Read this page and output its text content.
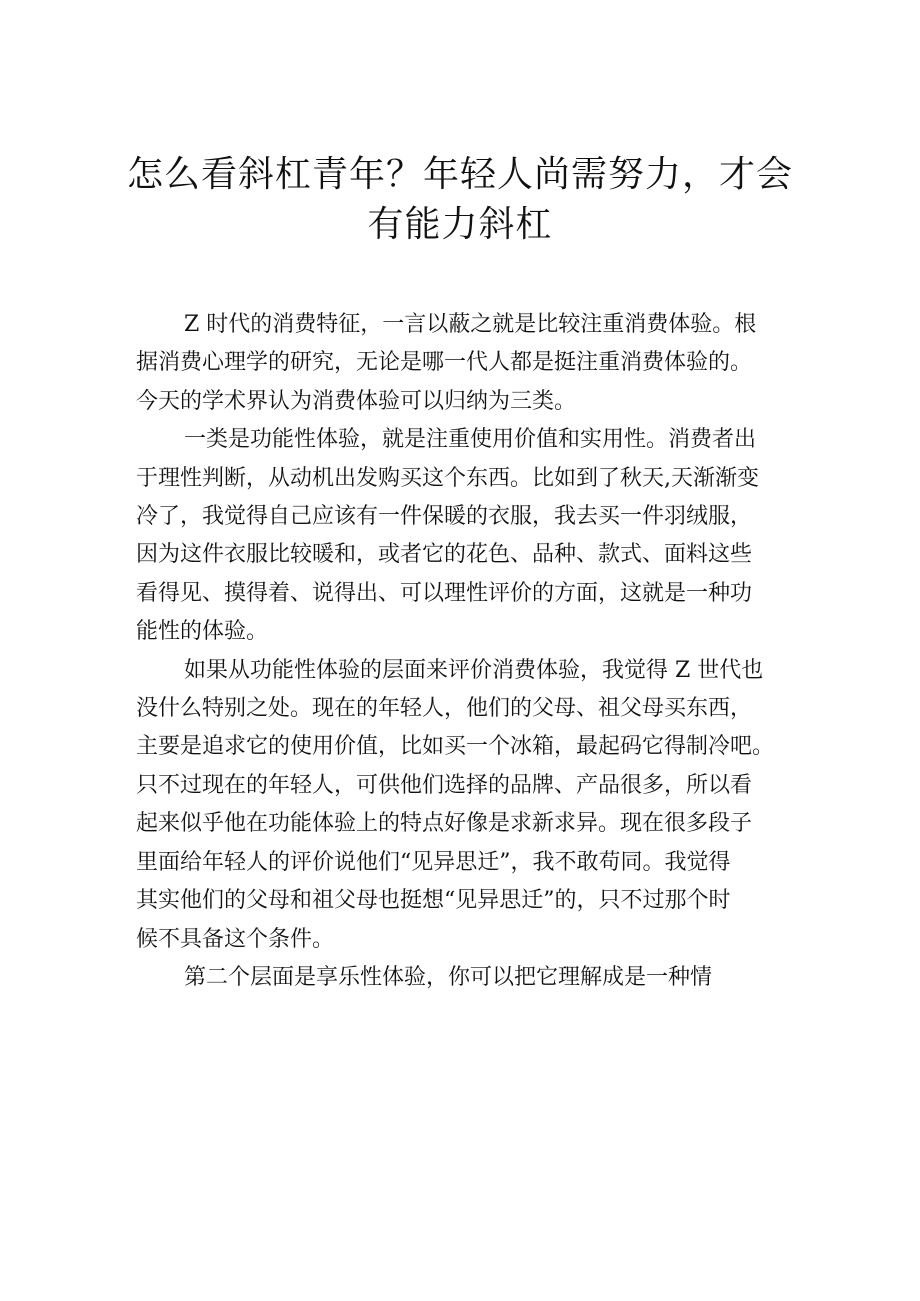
怎么看斜杠青年？年轻人尚需努力，才会
有能力斜杠
Z 时代的消费特征，一言以蔽之就是比较注重消费体验。根
据消费心理学的研究，无论是哪一代人都是挺注重消费体验的。
今天的学术界认为消费体验可以归纳为三类。
一类是功能性体验，就是注重使用价值和实用性。消费者出
于理性判断，从动机出发购买这个东西。比如到了秋天,天渐渐变
冷了，我觉得自己应该有一件保暖的衣服，我去买一件羽绒服，
因为这件衣服比较暖和，或者它的花色、品种、款式、面料这些
看得见、摸得着、说得出、可以理性评价的方面，这就是一种功
能性的体验。
如果从功能性体验的层面来评价消费体验，我觉得 Z 世代也
没什么特别之处。现在的年轻人，他们的父母、祖父母买东西，
主要是追求它的使用价值，比如买一个冰箱，最起码它得制冷吧。
只不过现在的年轻人，可供他们选择的品牌、产品很多，所以看
起来似乎他在功能体验上的特点好像是求新求异。现在很多段子
里面给年轻人的评价说他们“见异思迁”，我不敢苟同。我觉得
其实他们的父母和祖父母也挺想“见异思迁”的，只不过那个时
候不具备这个条件。
第二个层面是享乐性体验，你可以把它理解成是一种情
